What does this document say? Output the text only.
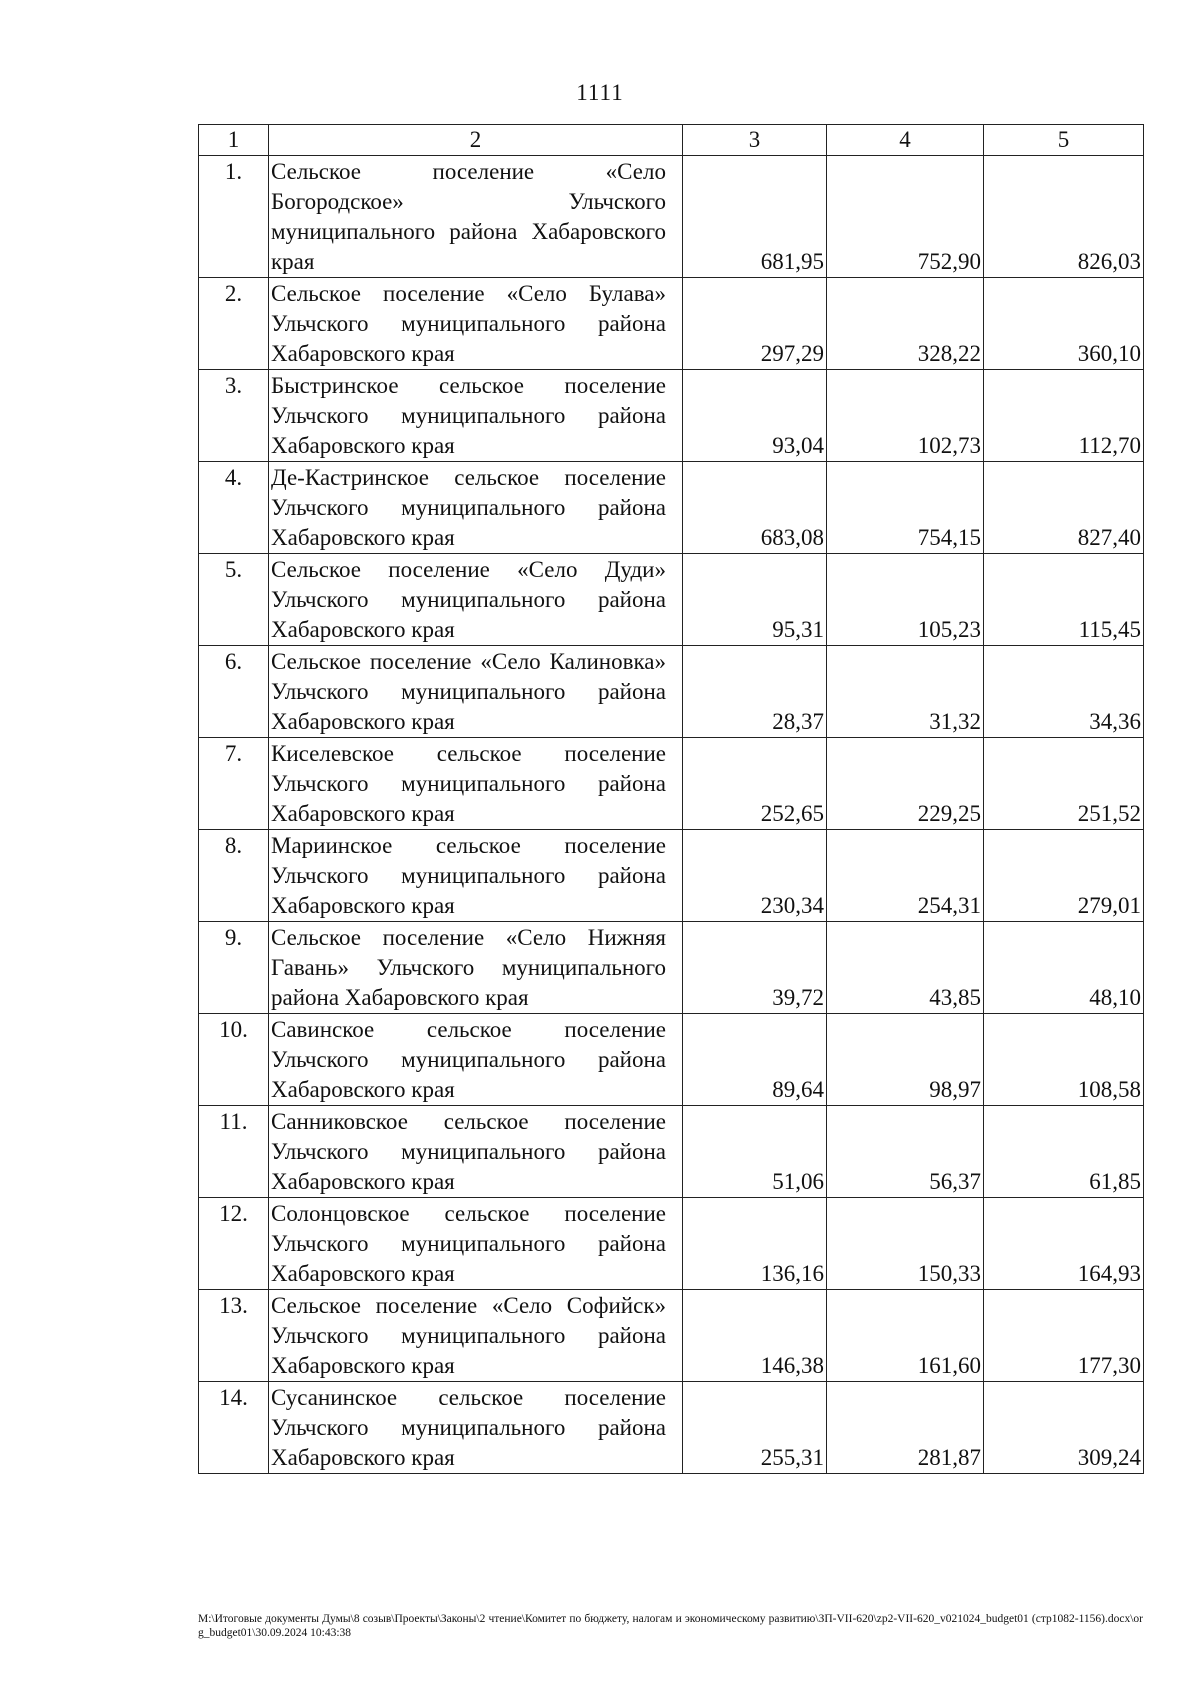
1111
1	2	3	4	5
1.	Сельское поселение «Село Богородское» Ульчского муниципального района Хабаровского края	681,95	752,90	826,03
2.	Сельское поселение «Село Булава» Ульчского муниципального района Хабаровского края	297,29	328,22	360,10
3.	Быстринское сельское поселение Ульчского муниципального района Хабаровского края	93,04	102,73	112,70
4.	Де-Кастринское сельское поселение Ульчского муниципального района Хабаровского края	683,08	754,15	827,40
5.	Сельское поселение «Село Дуди» Ульчского муниципального района Хабаровского края	95,31	105,23	115,45
6.	Сельское поселение «Село Калиновка» Ульчского муниципального района Хабаровского края	28,37	31,32	34,36
7.	Киселевское сельское поселение Ульчского муниципального района Хабаровского края	252,65	229,25	251,52
8.	Мариинское сельское поселение Ульчского муниципального района Хабаровского края	230,34	254,31	279,01
9.	Сельское поселение «Село Нижняя Гавань» Ульчского муниципального района Хабаровского края	39,72	43,85	48,10
10.	Савинское сельское поселение Ульчского муниципального района Хабаровского края	89,64	98,97	108,58
11.	Санниковское сельское поселение Ульчского муниципального района Хабаровского края	51,06	56,37	61,85
12.	Солонцовское сельское поселение Ульчского муниципального района Хабаровского края	136,16	150,33	164,93
13.	Сельское поселение «Село Софийск» Ульчского муниципального района Хабаровского края	146,38	161,60	177,30
14.	Сусанинское сельское поселение Ульчского муниципального района Хабаровского края	255,31	281,87	309,24
M:\Итоговые документы Думы\8 созыв\Проекты\Законы\2 чтение\Комитет по бюджету, налогам и экономическому развитию\ЗП-VII-620\zp2-VII-620_v021024_budget01 (стр1082-1156).docx\org_budget01\30.09.2024 10:43:38
